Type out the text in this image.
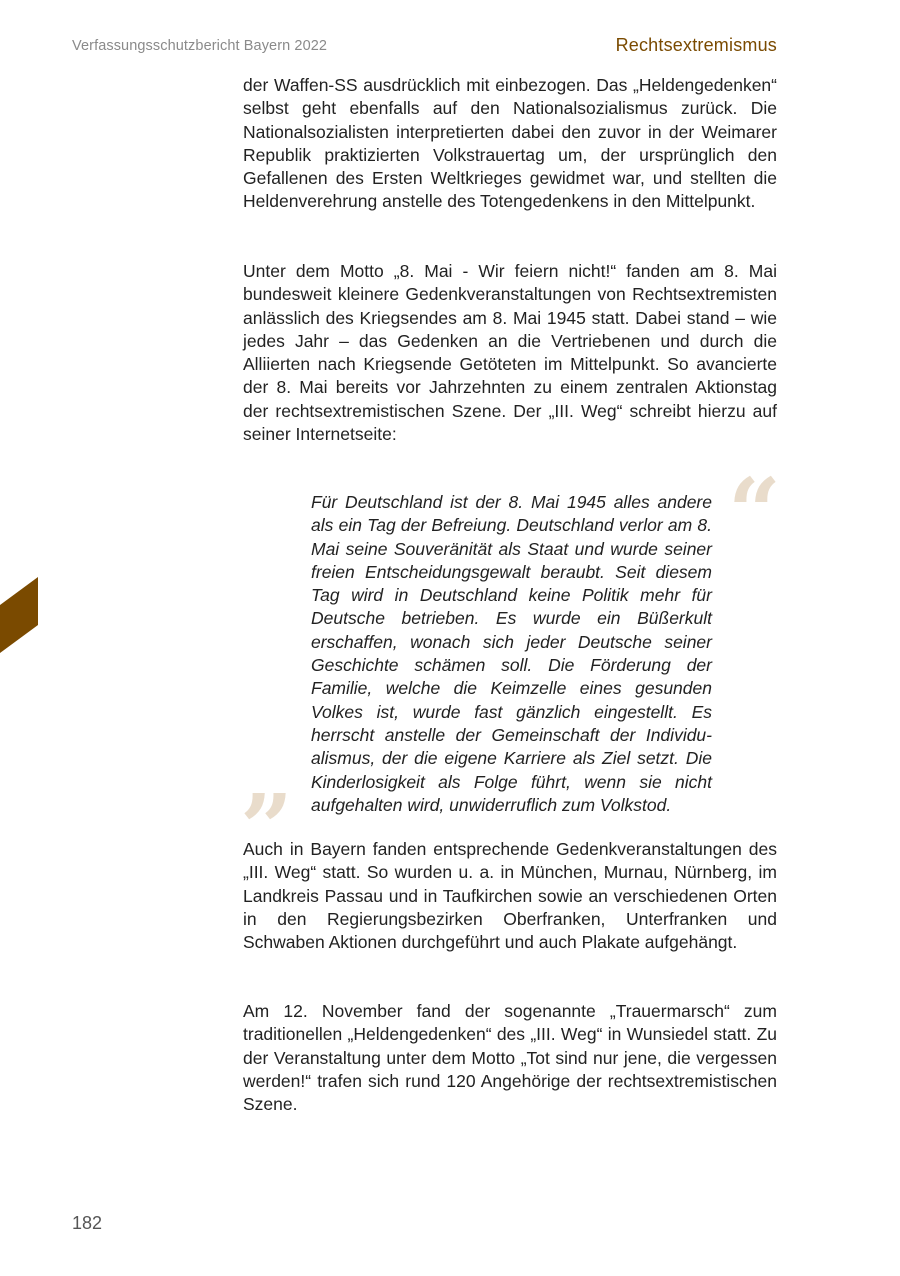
Verfassungsschutzbericht Bayern 2022	Rechtsextremismus

der Waffen-SS ausdrücklich mit einbezogen. Das „Heldengedenken“ selbst geht ebenfalls auf den Nationalsozialismus zurück. Die Nationalsozialisten interpretierten dabei den zuvor in der Weimarer Republik praktizierten Volkstrauertag um, der ursprünglich den Gefallenen des Ersten Weltkrieges gewidmet war, und stellten die Heldenverehrung anstelle des Totengedenkens in den Mittelpunkt.

Unter dem Motto „8. Mai - Wir feiern nicht!“ fanden am 8. Mai bundesweit kleinere Gedenkveranstaltungen von Rechtsextremisten anlässlich des Kriegsendes am 8. Mai 1945 statt. Dabei stand – wie jedes Jahr – das Gedenken an die Vertriebenen und durch die Alliierten nach Kriegsende Getöteten im Mittelpunkt. So avancierte der 8. Mai bereits vor Jahrzehnten zu einem zentralen Aktionstag der rechtsextremistischen Szene. Der „III. Weg“ schreibt hierzu auf seiner Internetseite:

“

Für Deutschland ist der 8. Mai 1945 alles andere als ein Tag der Befreiung. Deutschland verlor am 8. Mai seine Souveränität als Staat und wurde seiner freien Entscheidungsgewalt beraubt. Seit diesem Tag wird in Deutschland keine Politik mehr für Deutsche betrieben. Es wurde ein Büßerkult erschaffen, wonach sich jeder Deutsche seiner Geschichte schämen soll. Die Förderung der Familie, welche die Keimzelle eines gesunden Volkes ist, wurde fast gänzlich eingestellt. Es herrscht anstelle der Gemeinschaft der Individualismus, der die eigene Karriere als Ziel setzt. Die Kinderlosigkeit als Folge führt, wenn sie nicht aufgehalten wird, unwiderruflich zum Volkstod.

”

Auch in Bayern fanden entsprechende Gedenkveranstaltungen des „III. Weg“ statt. So wurden u. a. in München, Murnau, Nürnberg, im Landkreis Passau und in Taufkirchen sowie an verschiedenen Orten in den Regierungsbezirken Oberfranken, Unterfranken und Schwaben Aktionen durchgeführt und auch Plakate aufgehängt.

Am 12. November fand der sogenannte „Trauermarsch“ zum traditionellen „Heldengedenken“ des „III. Weg“ in Wunsiedel statt. Zu der Veranstaltung unter dem Motto „Tot sind nur jene, die vergessen werden!“ trafen sich rund 120 Angehörige der rechtsextremistischen Szene.

182
